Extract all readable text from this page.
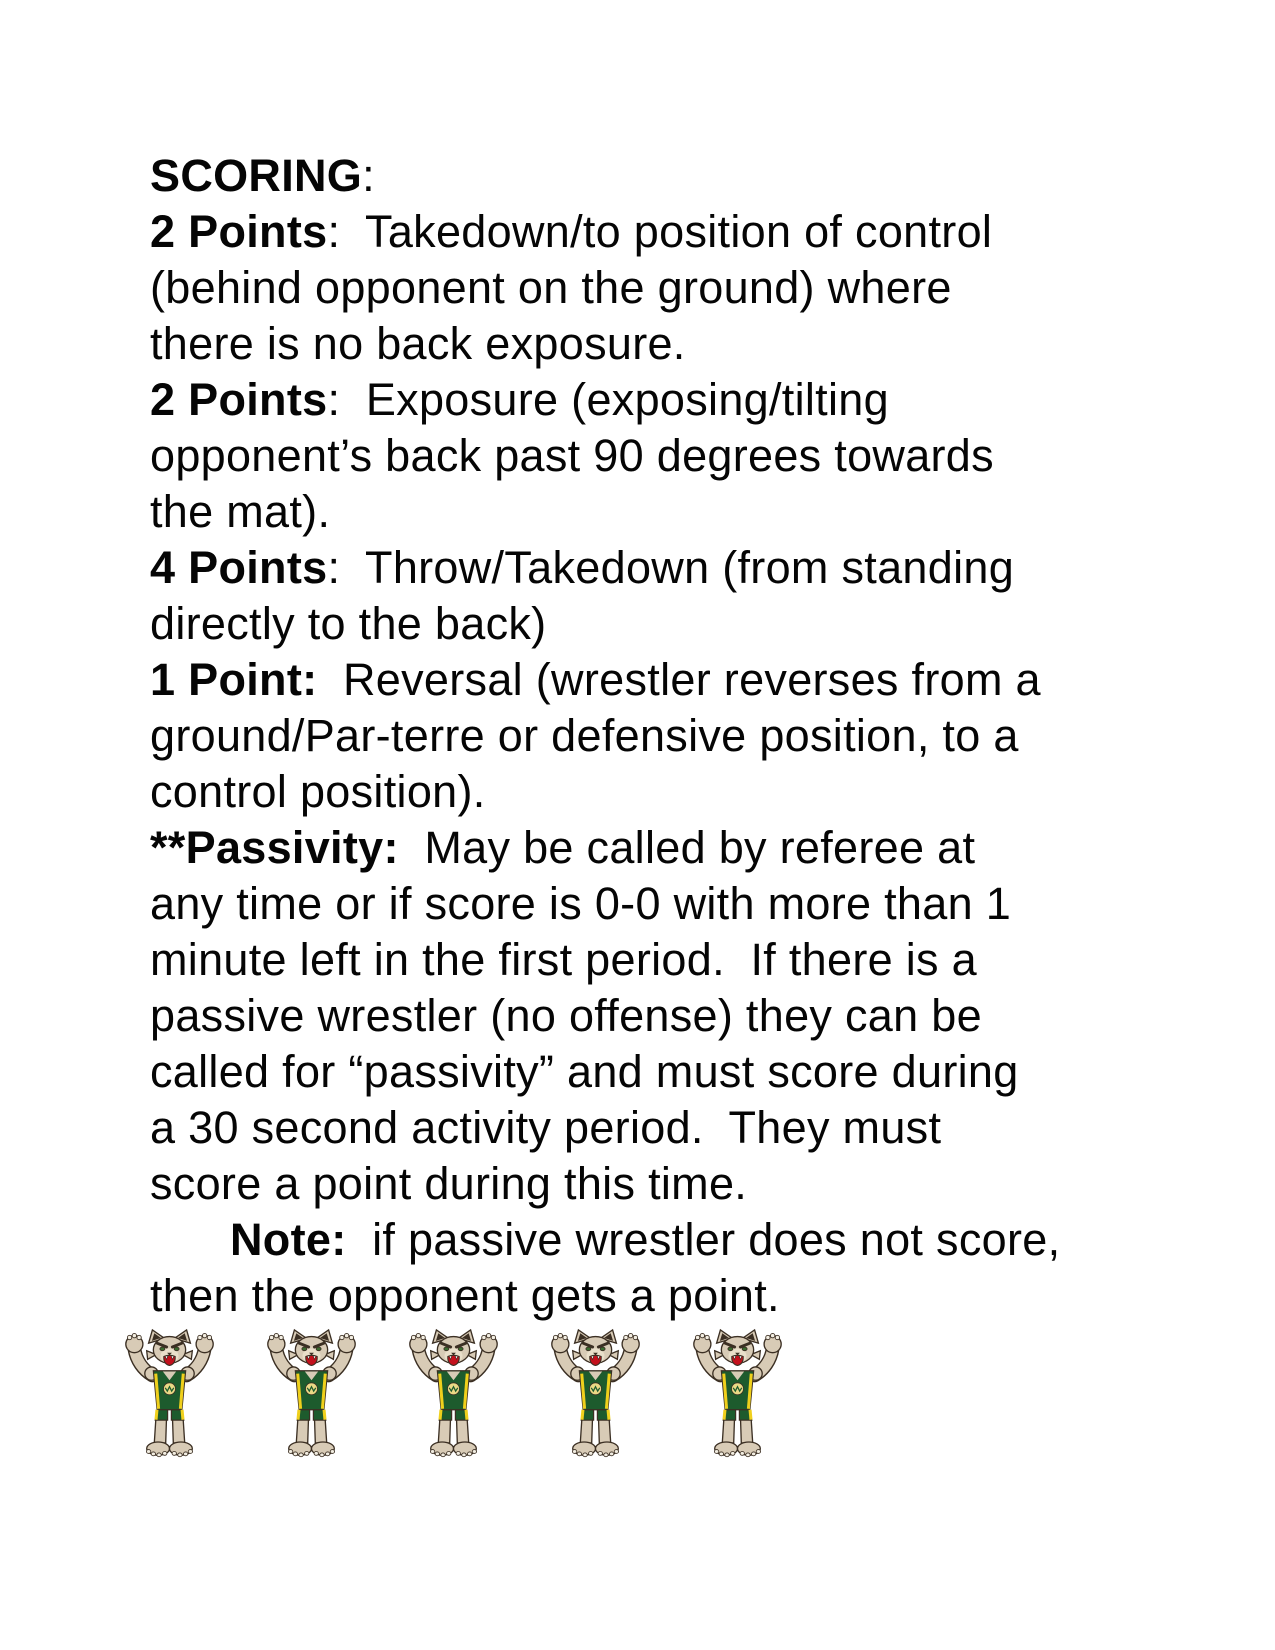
SCORING:
2 Points:  Takedown/to position of control
(behind opponent on the ground) where
there is no back exposure.
2 Points:  Exposure (exposing/tilting
opponent’s back past 90 degrees towards
the mat).
4 Points:  Throw/Takedown (from standing
directly to the back)
1 Point:  Reversal (wrestler reverses from a
ground/Par-terre or defensive position, to a
control position).
**Passivity:  May be called by referee at
any time or if score is 0-0 with more than 1
minute left in the first period.  If there is a
passive wrestler (no offense) they can be
called for “passivity” and must score during
a 30 second activity period.  They must
score a point during this time.
Note:  if passive wrestler does not score,
then the opponent gets a point.
